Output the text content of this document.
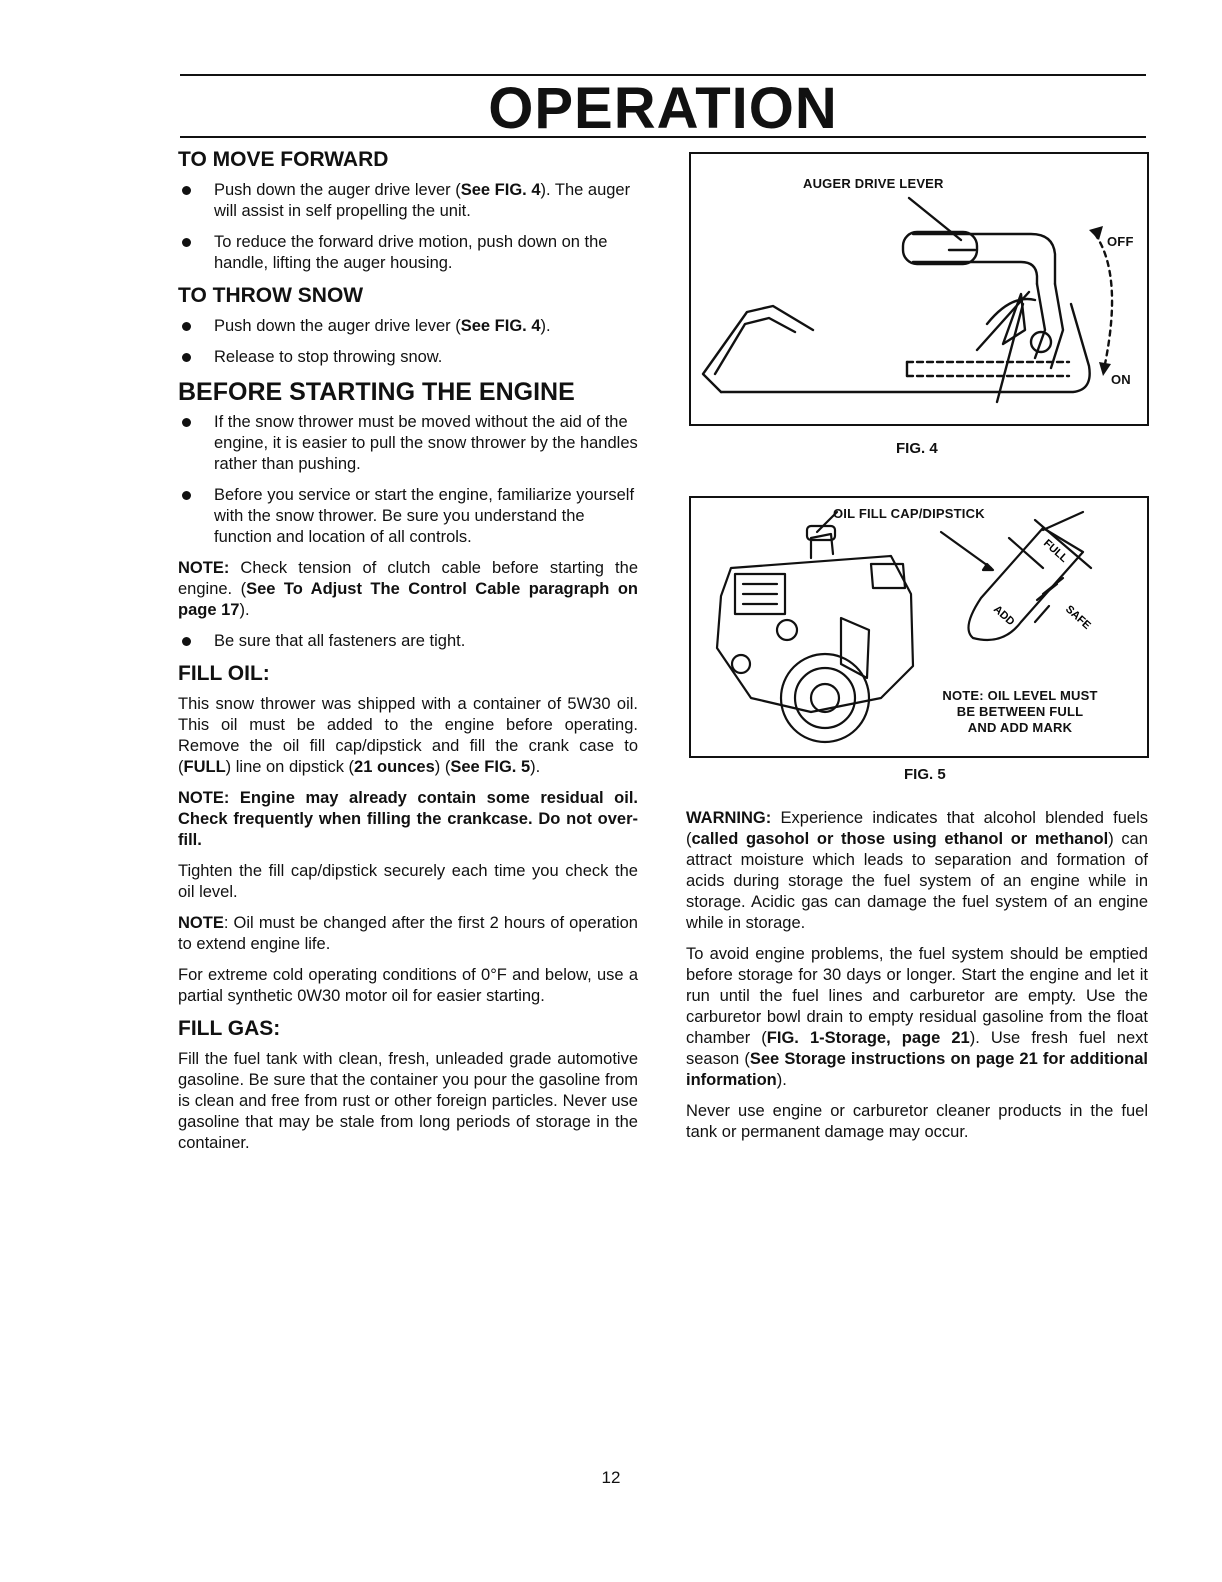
OPERATION
TO MOVE FORWARD
Push down the auger drive lever (See FIG. 4). The auger will assist in self propelling the unit.
To reduce the forward drive motion, push down on the handle, lifting the auger housing.
TO THROW SNOW
Push down the auger drive lever (See FIG. 4).
Release to stop throwing snow.
BEFORE STARTING THE ENGINE
If the snow thrower must be moved without the aid of the engine, it is easier to pull the snow thrower by the handles rather than pushing.
Before you service or start the engine, familiarize yourself with the snow thrower. Be sure you understand the function and location of all controls.

NOTE: Check tension of clutch cable before starting the engine. (See To Adjust The Control Cable paragraph on page 17).

Be sure that all fasteners are tight.
FILL OIL:

This snow thrower was shipped with a container of 5W30 oil. This oil must be added to the engine before operating. Remove the oil fill cap/dipstick and fill the crank case to (FULL) line on dipstick (21 ounces) (See FIG. 5).

NOTE: Engine may already contain some residual oil. Check frequently when filling the crankcase. Do not over-fill.

Tighten the fill cap/dipstick securely each time you check the oil level.

NOTE: Oil must be changed after the first 2 hours of operation to extend engine life.

For extreme cold operating conditions of 0°F and below, use a partial synthetic 0W30 motor oil for easier starting.

FILL GAS:

Fill the fuel tank with clean, fresh, unleaded grade automotive gasoline. Be sure that the container you pour the gasoline from is clean and free from rust or other foreign particles. Never use gasoline that may be stale from long periods of storage in the container.

AUGER DRIVE LEVER
OFF
ON
FIG. 4
FULL
ADD	SAFE
OIL FILL CAP/DIPSTICK
NOTE: OIL LEVEL MUST
BE BETWEEN FULL
AND ADD MARK
FIG. 5

WARNING: Experience indicates that alcohol blended fuels (called gasohol or those using ethanol or methanol) can attract moisture which leads to separation and formation of acids during storage the fuel system of an engine while in storage. Acidic gas can damage the fuel system of an engine while in storage.

To avoid engine problems, the fuel system should be emptied before storage for 30 days or longer. Start the engine and let it run until the fuel lines and carburetor are empty. Use the carburetor bowl drain to empty residual gasoline from the float chamber (FIG. 1-Storage, page 21). Use fresh fuel next season (See Storage instructions on page 21 for additional information).

Never use engine or carburetor cleaner products in the fuel tank or permanent damage may occur.

12
